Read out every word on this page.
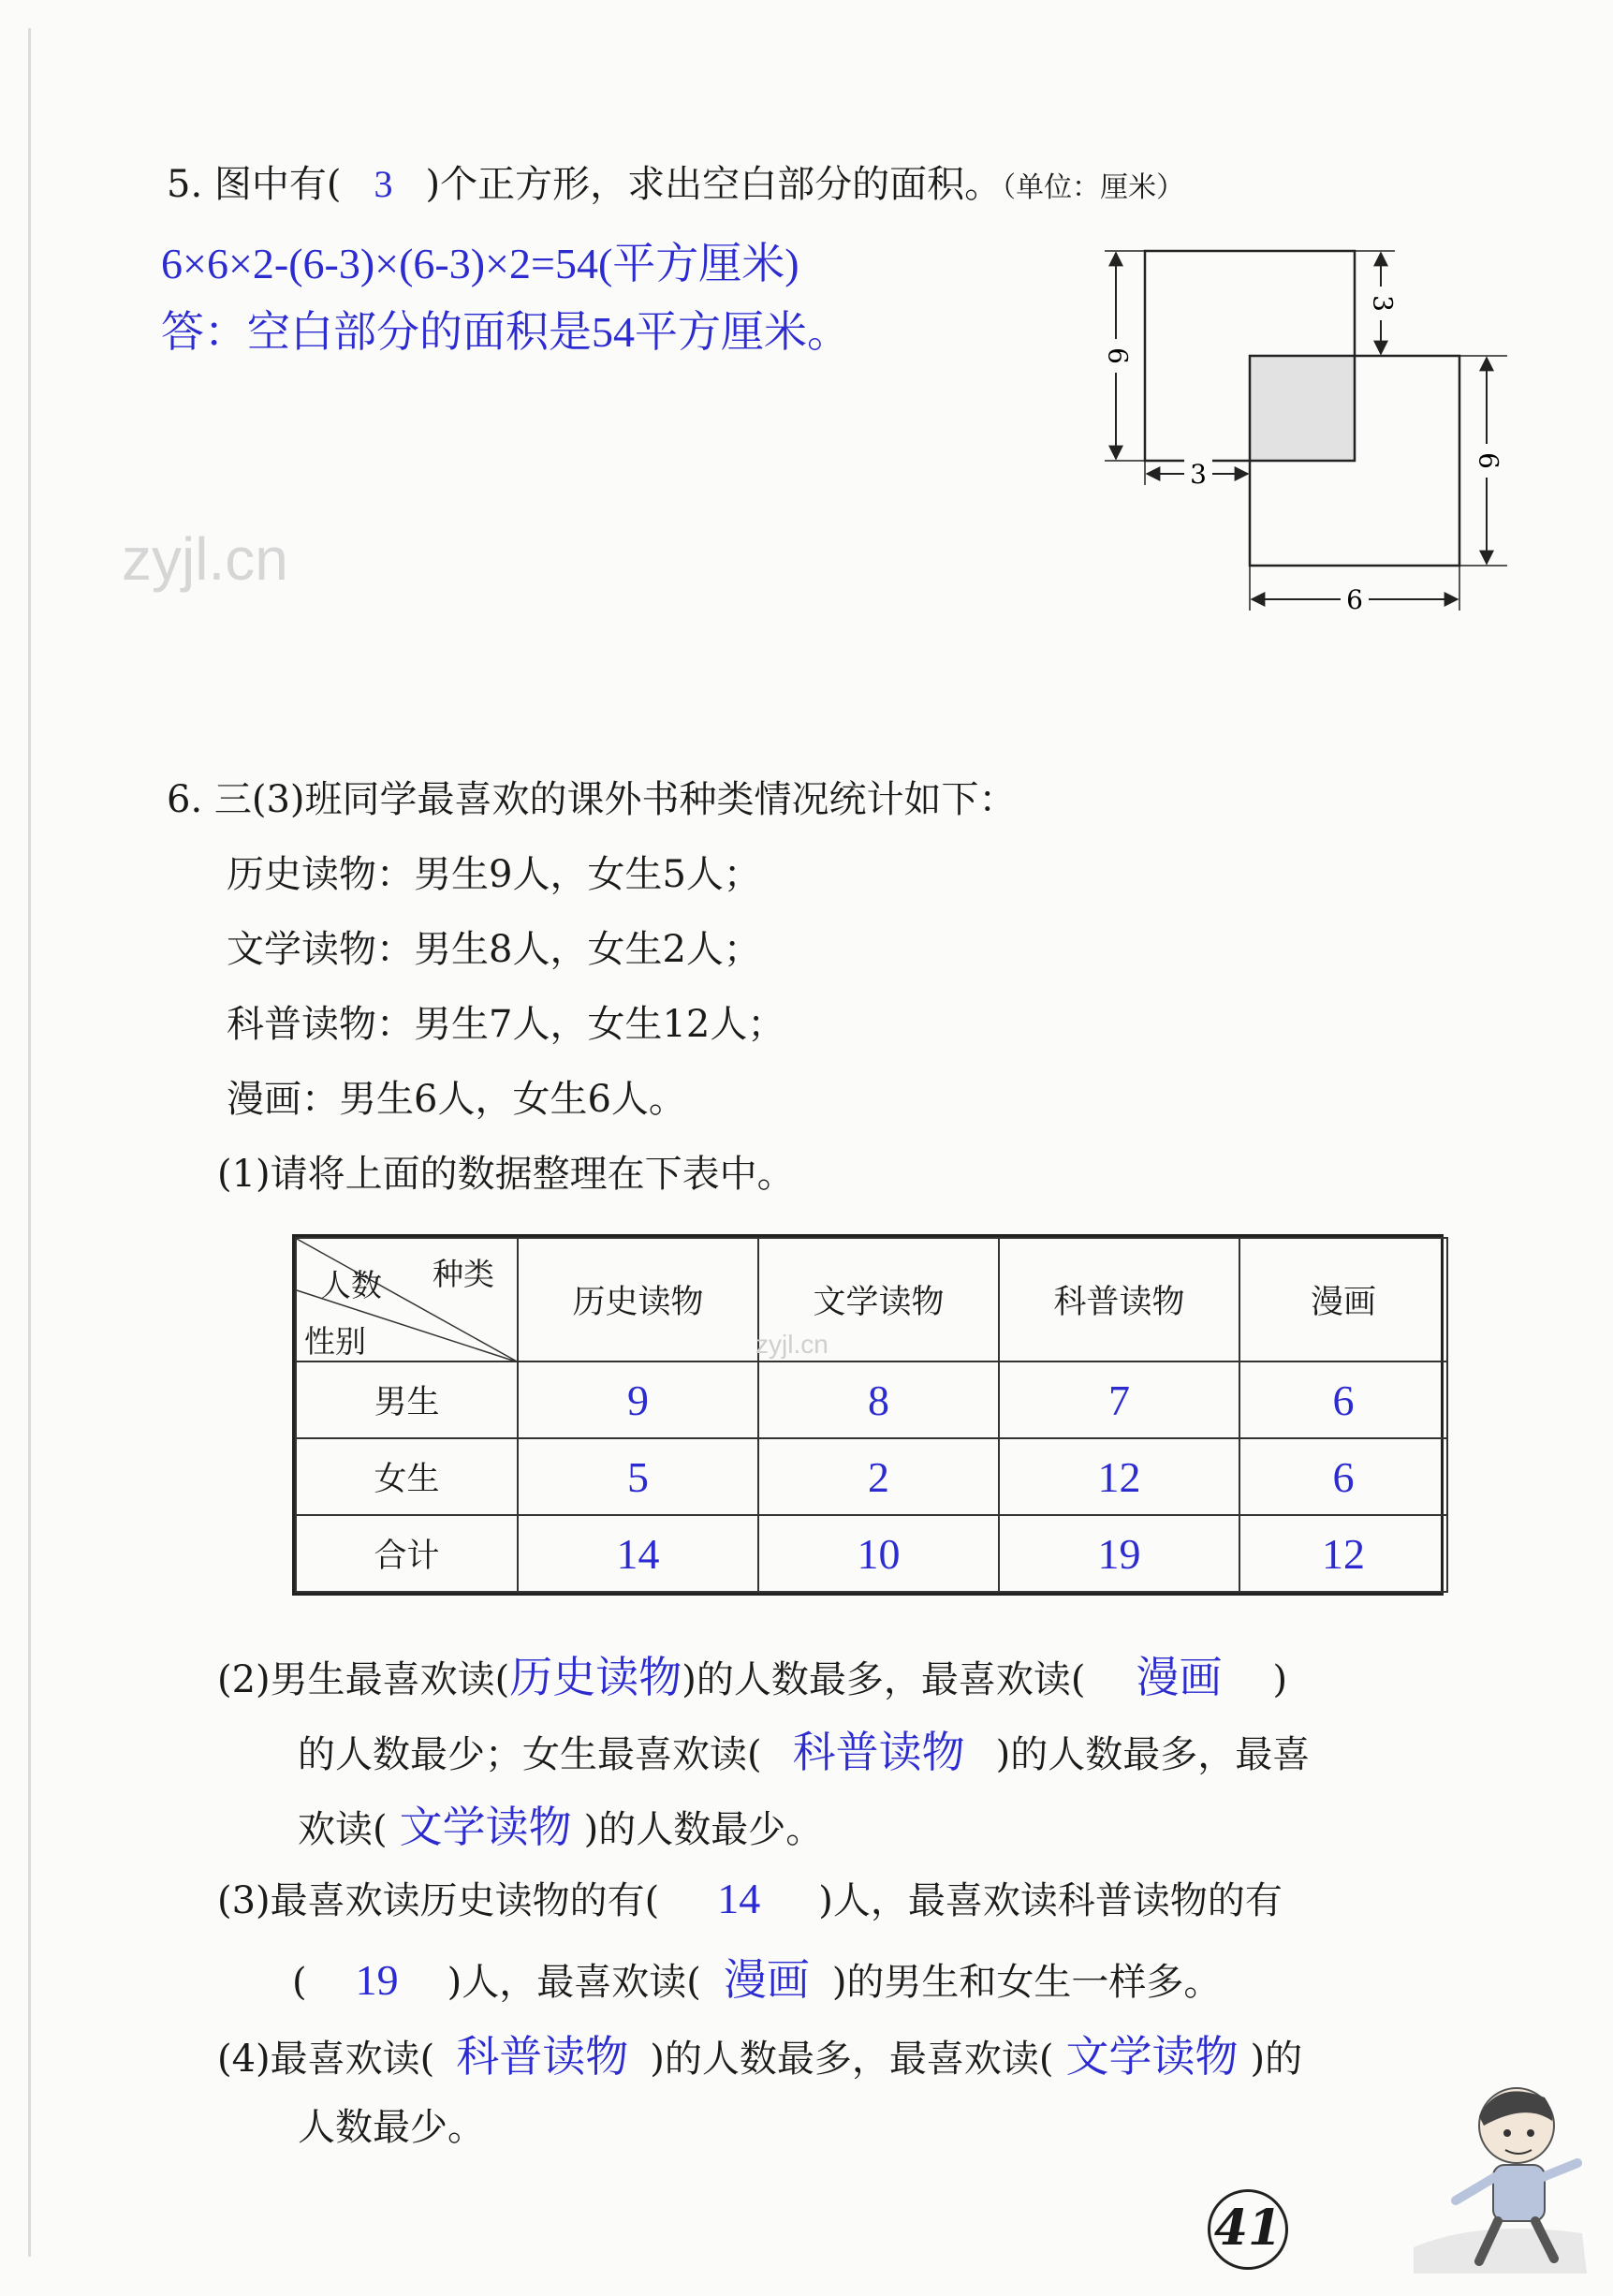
5. 图中有( 3 )个正方形，求出空白部分的面积。（单位：厘米）
6×6×2-(6-3)×(6-3)×2=54(平方厘米)
答：空白部分的面积是54平方厘米。	6
3
3	6
6
zyjl.cn
6. 三(3)班同学最喜欢的课外书种类情况统计如下：
历史读物：男生9人，女生5人；
文学读物：男生8人，女生2人；
科普读物：男生7人，女生12人；
漫画：男生6人，女生6人。
(1)请将上面的数据整理在下表中。
种类
人数
性别	历史读物	文学读物	科普读物	漫画
男生	9	8	7	6
女生	5	2	12	6
合计	14	10	19	12
zyjl.cn
(2)男生最喜欢读(历史读物)的人数最多，最喜欢读( 漫画 )
的人数最少；女生最喜欢读( 科普读物 )的人数最多，最喜
欢读( 文学读物 )的人数最少。
(3)最喜欢读历史读物的有( 14 )人，最喜欢读科普读物的有
( 19 )人，最喜欢读( 漫画 )的男生和女生一样多。
(4)最喜欢读( 科普读物 )的人数最多，最喜欢读( 文学读物 )的
人数最少。
41
